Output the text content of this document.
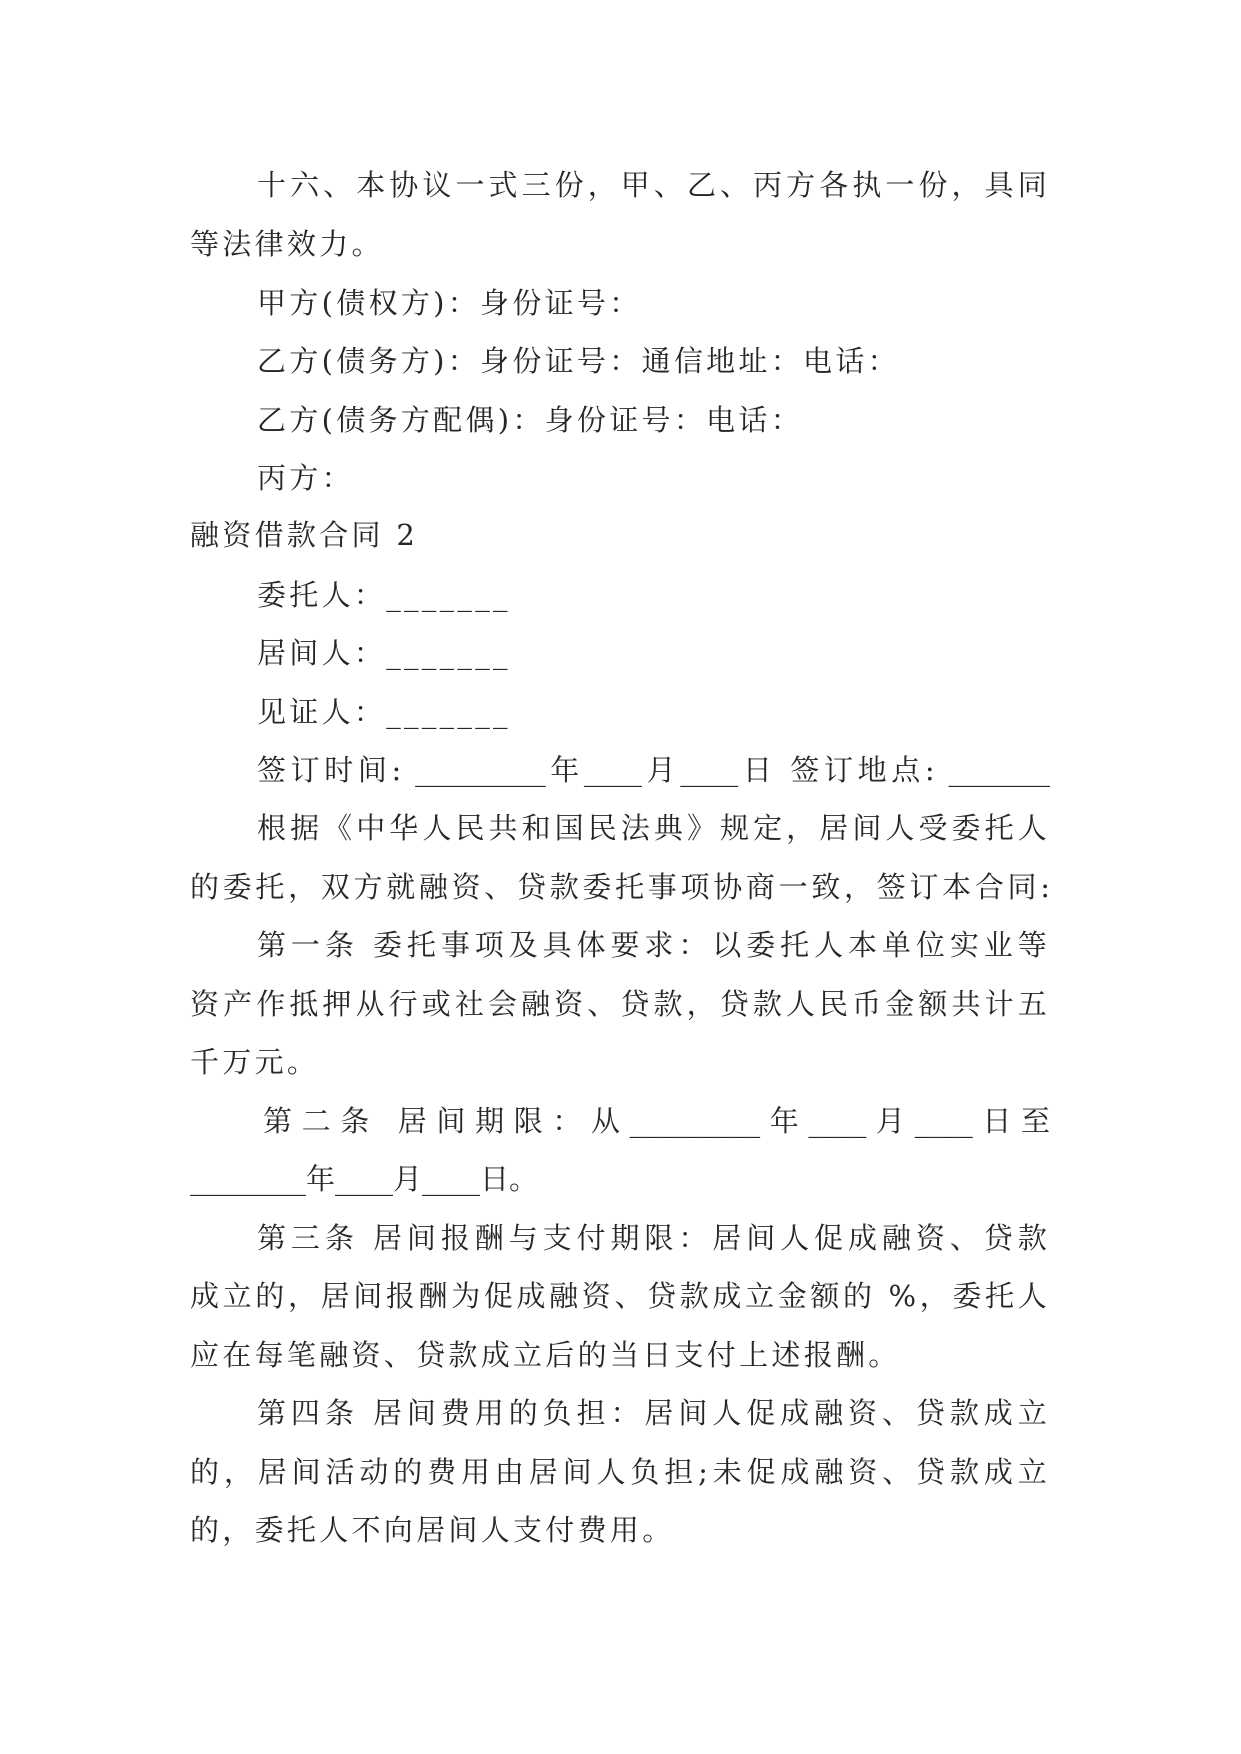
十六、本协议一式三份，甲、乙、丙方各执一份，具同
等法律效力。
甲方(债权方)：身份证号：
乙方(债务方)：身份证号：通信地址：电话：
乙方(债务方配偶)：身份证号：电话：
丙方：
融资借款合同 2
委托人：_______
居间人：_______
见证人：_______
签订时间: _________年____月____日 签订地点: _______
根据《中华人民共和国民法典》规定，居间人受委托人
的委托，双方就融资、贷款委托事项协商一致，签订本合同:
第一条 委托事项及具体要求：以委托人本单位实业等
资产作抵押从行或社会融资、贷款，贷款人民币金额共计五
千万元。
第二条 居间期限：从_________年____月____日至
________年____月____日。
第三条 居间报酬与支付期限：居间人促成融资、贷款
成立的，居间报酬为促成融资、贷款成立金额的 %，委托人
应在每笔融资、贷款成立后的当日支付上述报酬。
第四条 居间费用的负担：居间人促成融资、贷款成立
的，居间活动的费用由居间人负担;未促成融资、贷款成立
的，委托人不向居间人支付费用。
